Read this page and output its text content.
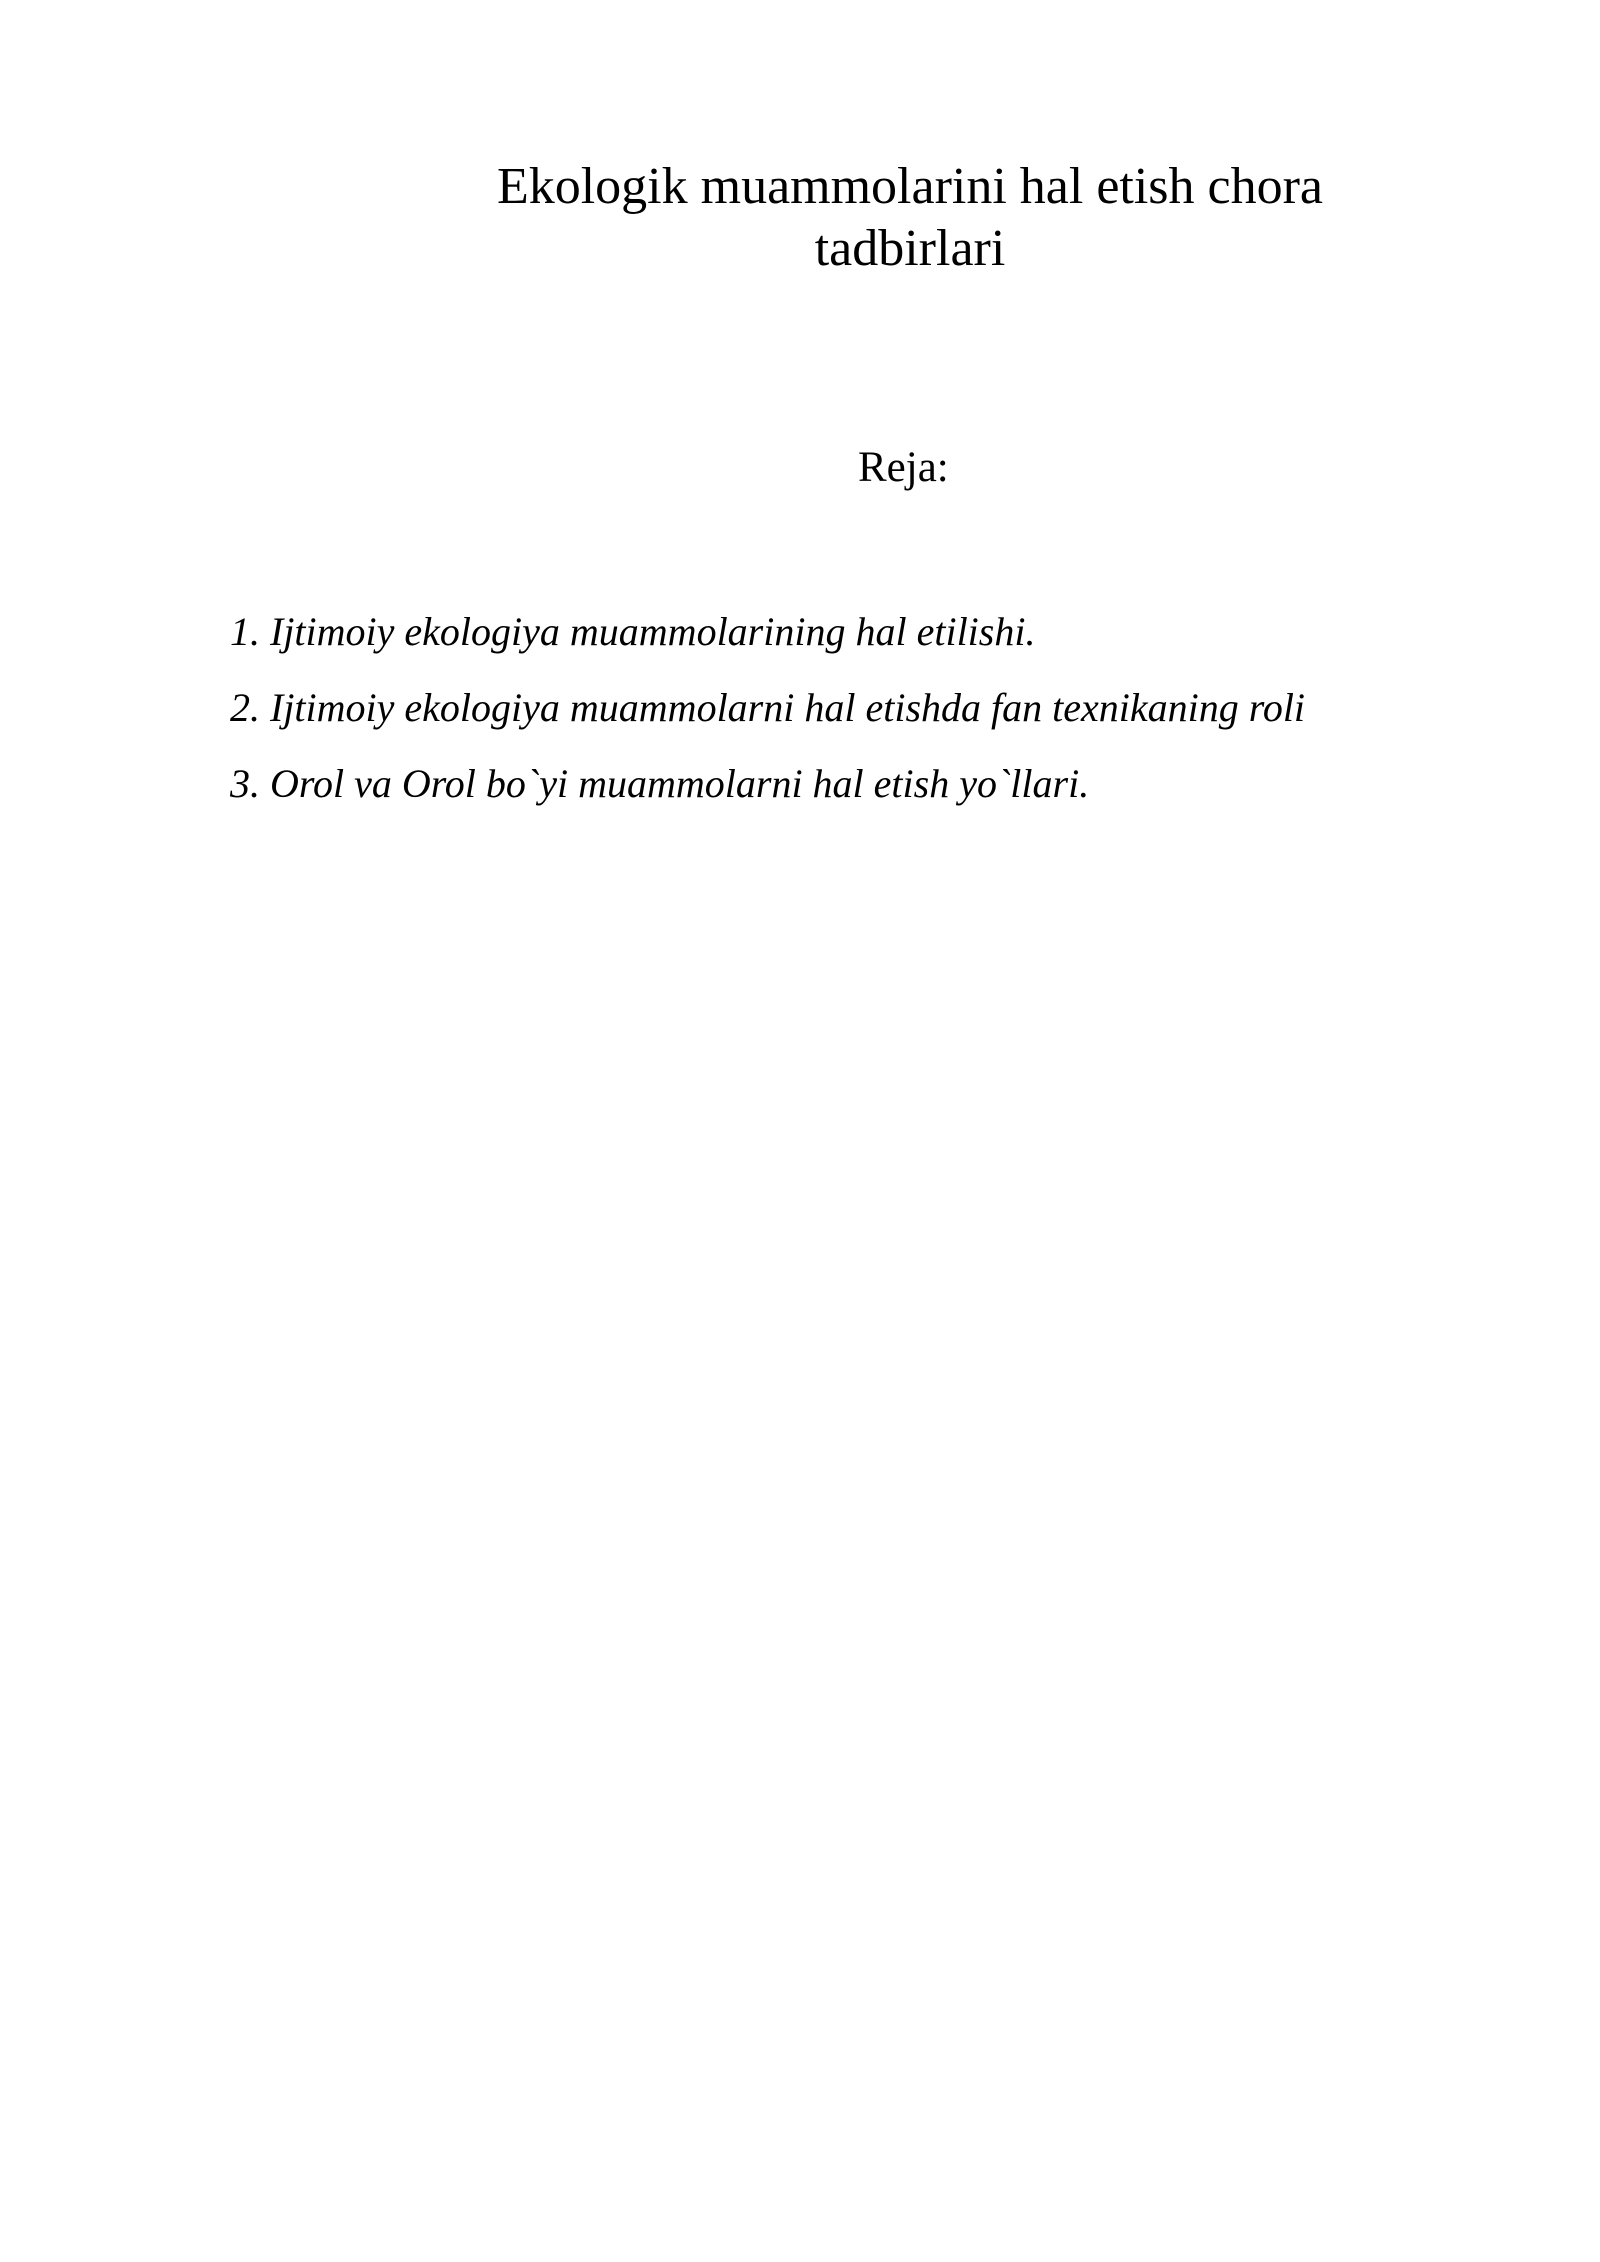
Ekologik muammolarini hal etish chora
tadbirlari
Reja:
1. Ijtimoiy ekologiya muammolarining hal etilishi.
2. Ijtimoiy ekologiya muammolarni hal etishda fan texnikaning roli
3. Orol va Orol bo`yi muammolarni hal etish yo`llari.
